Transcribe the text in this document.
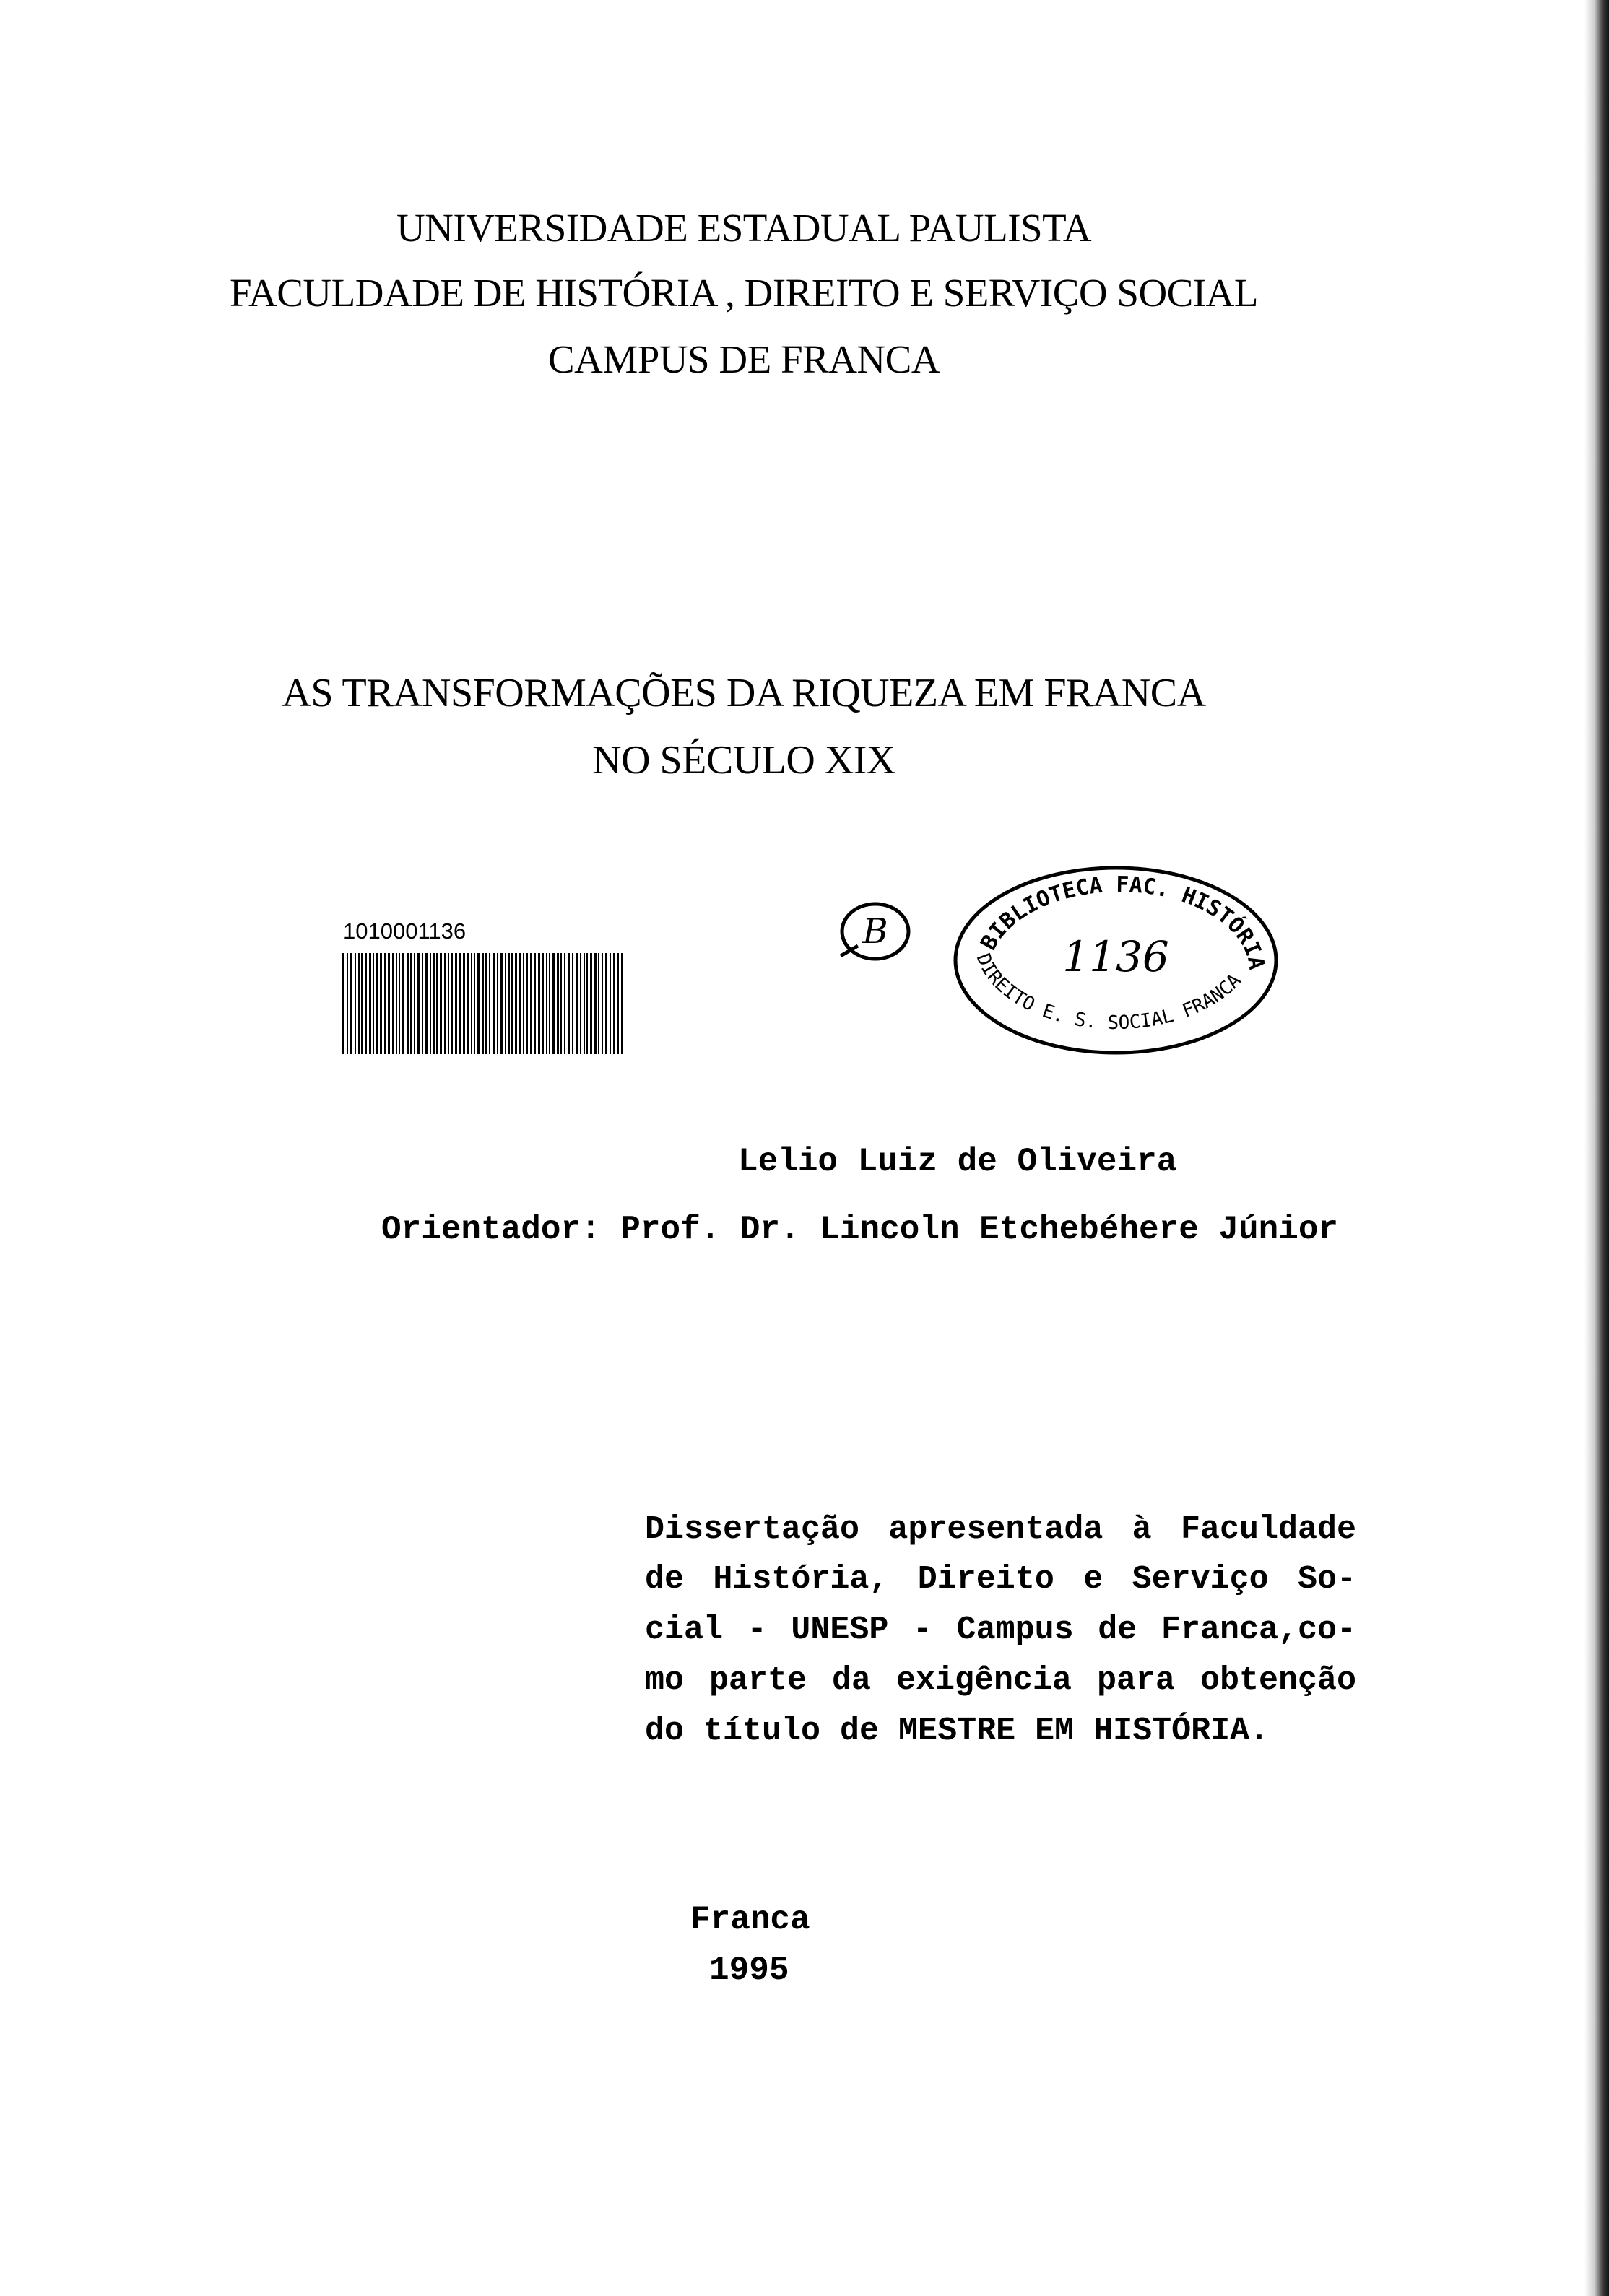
UNIVERSIDADE ESTADUAL PAULISTA
FACULDADE DE HISTÓRIA , DIREITO E SERVIÇO SOCIAL
CAMPUS DE FRANCA
AS TRANSFORMAÇÕES DA RIQUEZA EM FRANCA
NO SÉCULO XIX
1010001136	B	BIBLIOTECA FAC. HISTÓRIA
DIREITO E. S. SOCIAL FRANCA
1136
Lelio Luiz de Oliveira
Orientador: Prof. Dr. Lincoln Etchebéhere Júnior
Dissertação apresentada à Faculdade
de História, Direito e Serviço So-
cial - UNESP - Campus de Franca,co-
mo parte da exigência para obtenção
do título de MESTRE EM HISTÓRIA.
Franca
1995
